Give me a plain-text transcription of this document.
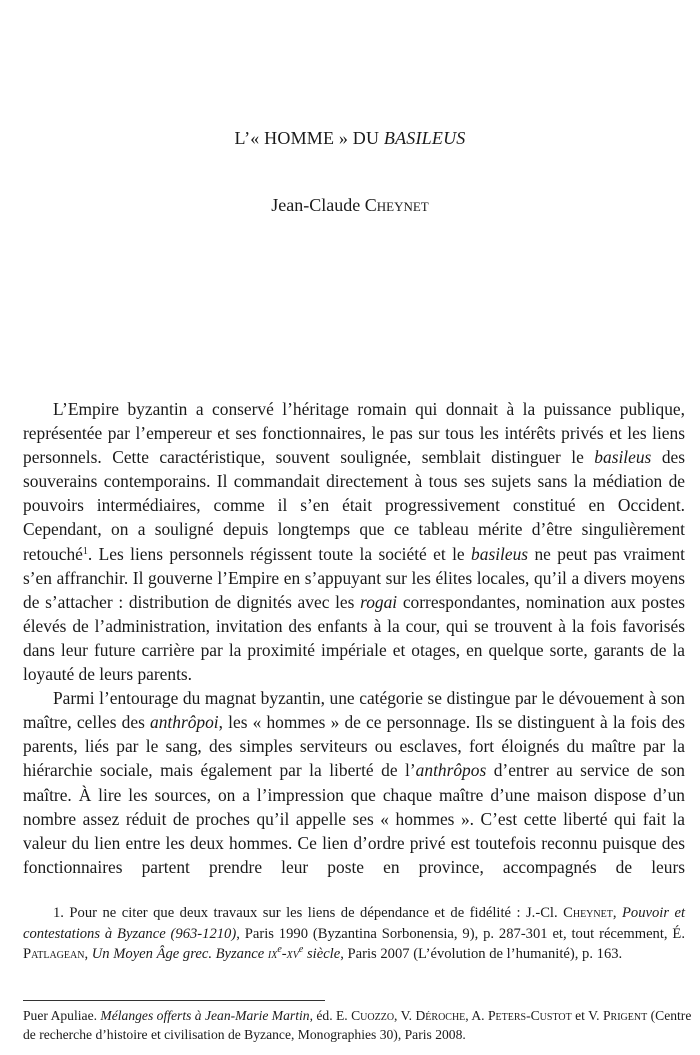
L’« HOMME » DU BASILEUS
Jean-Claude Cheynet

L’Empire byzantin a conservé l’héritage romain qui donnait à la puissance publique, représentée par l’empereur et ses fonctionnaires, le pas sur tous les intérêts privés et les liens personnels. Cette caractéristique, souvent soulignée, semblait distinguer le basileus des souverains contemporains. Il commandait directement à tous ses sujets sans la médiation de pouvoirs intermédiaires, comme il s’en était progressivement constitué en Occident. Cependant, on a souligné depuis longtemps que ce tableau mérite d’être singulièrement retouché$^1$. Les liens personnels régissent toute la société et le basileus ne peut pas vraiment s’en affranchir. Il gouverne l’Empire en s’appuyant sur les élites locales, qu’il a divers moyens de s’attacher : distribution de dignités avec les rogai correspondantes, nomination aux postes élevés de l’administration, invitation des enfants à la cour, qui se trouvent à la fois favorisés dans leur future carrière par la proximité impériale et otages, en quelque sorte, garants de la loyauté de leurs parents.

Parmi l’entourage du magnat byzantin, une catégorie se distingue par le dévouement à son maître, celles des anthrôpoi, les « hommes » de ce personnage. Ils se distinguent à la fois des parents, liés par le sang, des simples serviteurs ou esclaves, fort éloignés du maître par la hiérarchie sociale, mais également par la liberté de l’anthrôpos d’entrer au service de son maître. À lire les sources, on a l’impression que chaque maître d’une maison dispose d’un nombre assez réduit de proches qu’il appelle ses « hommes ». C’est cette liberté qui fait la valeur du lien entre les deux hommes. Ce lien d’ordre privé est toutefois reconnu puisque des fonctionnaires partent prendre leur poste en province, accompagnés de leurs

1. Pour ne citer que deux travaux sur les liens de dépendance et de fidélité : J.-Cl. Cheynet, Pouvoir et contestations à Byzance (963-1210), Paris 1990 (Byzantina Sorbonensia, 9), p. 287-301 et, tout récemment, É. Patlagean, Un Moyen Âge grec. Byzance $ix^e-xv^e$ siècle, Paris 2007 (L’évolution de l’humanité), p. 163.

Puer Apuliae. Mélanges offerts à Jean-Marie Martin, éd. E. Cuozzo, V. Déroche, A. Peters-Custot et V. Prigent (Centre de recherche d’histoire et civilisation de Byzance, Monographies 30), Paris 2008.
